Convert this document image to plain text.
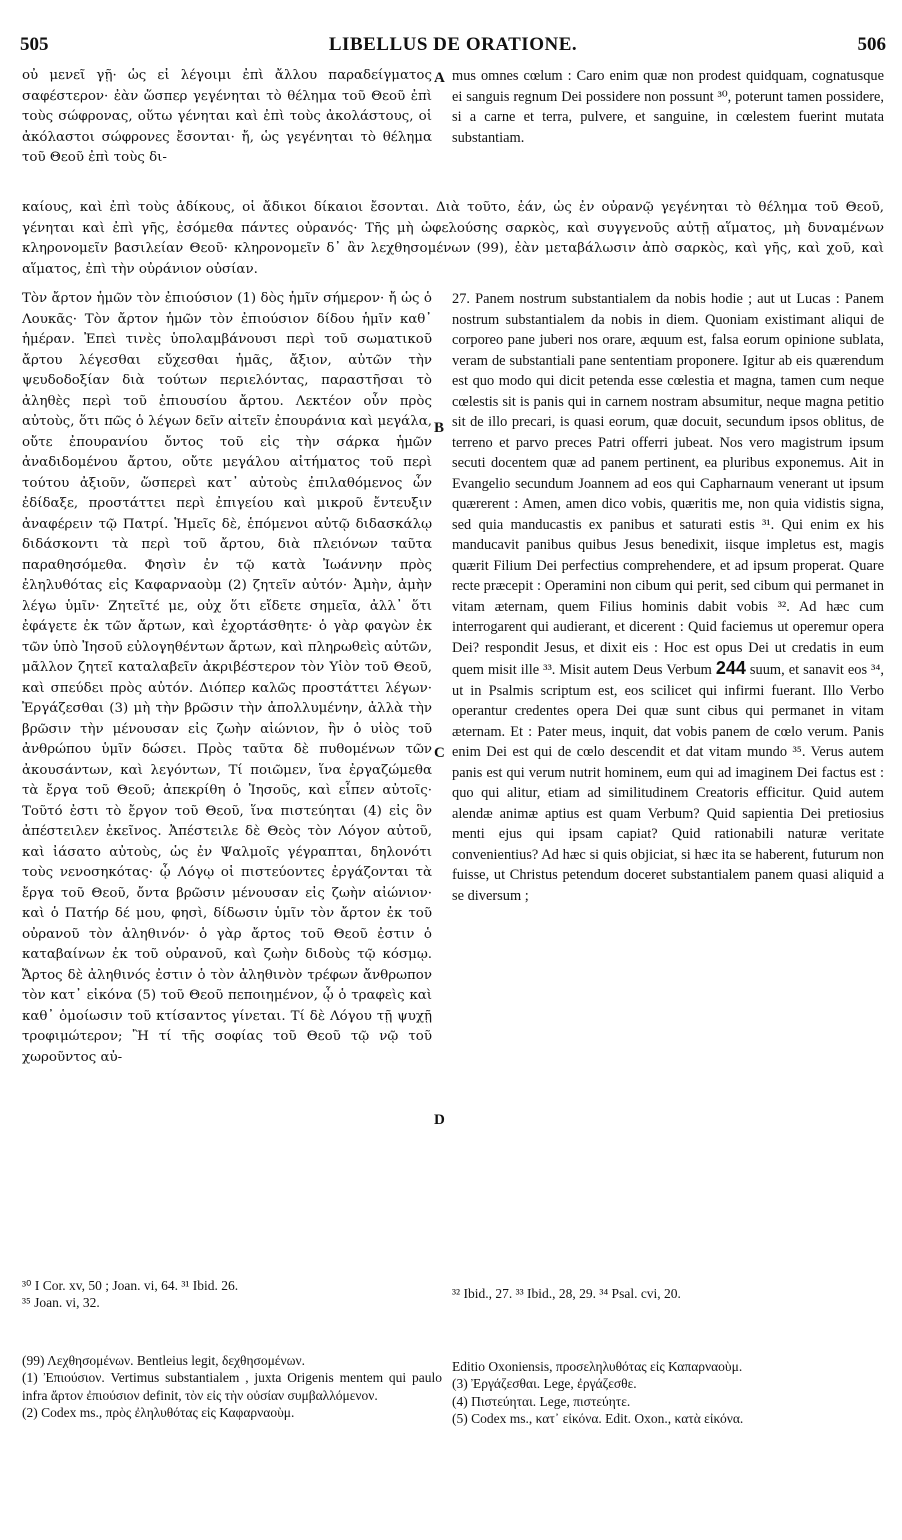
505	LIBELLUS DE ORATIONE.	506

οὐ μενεῖ γῇ· ὡς εἰ λέγοιμι ἐπὶ ἄλλου παραδείγματος σαφέστερον· ἐὰν ὥσπερ γεγένηται τὸ θέλημα τοῦ Θεοῦ ἐπὶ τοὺς σώφρονας, οὕτω γένηται καὶ ἐπὶ τοὺς ἀκολάστους, οἱ ἀκόλαστοι σώφρονες ἔσονται· ἤ, ὡς γεγένηται τὸ θέλημα τοῦ Θεοῦ ἐπὶ τοὺς δι-

mus omnes cœlum : Caro enim quæ non prodest quidquam, cognatusque ei sanguis regnum Dei possidere non possunt ³⁰, poterunt tamen possidere, si a carne et terra, pulvere, et sanguine, in cœlestem fuerint mutata substantiam.

καίους, καὶ ἐπὶ τοὺς ἀδίκους, οἱ ἄδικοι δίκαιοι ἔσονται. Διὰ τοῦτο, ἐάν, ὡς ἐν οὐρανῷ γεγένηται τὸ θέλημα τοῦ Θεοῦ, γένηται καὶ ἐπὶ γῆς, ἐσόμεθα πάντες οὐρανός· Τῆς μὴ ὠφελούσης σαρκὸς, καὶ συγγενοῦς αὐτῇ αἵματος, μὴ δυναμένων κληρονομεῖν βασιλείαν Θεοῦ· κληρονομεῖν δ᾽ ἂν λεχθησομένων (99), ἐὰν μεταβάλωσιν ἀπὸ σαρκὸς, καὶ γῆς, καὶ χοῦ, καὶ αἵματος, ἐπὶ τὴν οὐράνιον οὐσίαν.

Τὸν ἄρτον ἡμῶν τὸν ἐπιούσιον (1) δὸς ἡμῖν σήμερον· ἤ ὡς ὁ Λουκᾶς· Τὸν ἄρτον ἡμῶν τὸν ἐπιούσιον δίδου ἡμῖν καθ᾽ ἡμέραν. Ἐπεὶ τινὲς ὑπολαμβάνουσι περὶ τοῦ σωματικοῦ ἄρτου λέγεσθαι εὔχεσθαι ἡμᾶς, ἄξιον, αὐτῶν τὴν ψευδοδοξίαν διὰ τούτων περιελόντας, παραστῆσαι τὸ ἀληθὲς περὶ τοῦ ἐπιουσίου ἄρτου. Λεκτέον οὖν πρὸς αὐτοὺς, ὅτι πῶς ὁ λέγων δεῖν αἰτεῖν ἐπουράνια καὶ μεγάλα, οὔτε ἐπουρανίου ὄντος τοῦ εἰς τὴν σάρκα ἡμῶν ἀναδιδομένου ἄρτου, οὔτε μεγάλου αἰτήματος τοῦ περὶ τούτου ἀξιοῦν, ὥσπερεὶ κατ᾽ αὐτοὺς ἐπιλαθόμενος ὧν ἐδίδαξε, προστάττει περὶ ἐπιγείου καὶ μικροῦ ἔντευξιν ἀναφέρειν τῷ Πατρί. Ἡμεῖς δὲ, ἑπόμενοι αὐτῷ διδασκάλῳ διδάσκοντι τὰ περὶ τοῦ ἄρτου, διὰ πλειόνων ταῦτα παραθησόμεθα. Φησὶν ἐν τῷ κατὰ Ἰωάννην πρὸς ἐληλυθότας εἰς Καφαρναοὺμ (2) ζητεῖν αὐτόν· Ἀμὴν, ἀμὴν λέγω ὑμῖν· Ζητεῖτέ με, οὐχ ὅτι εἴδετε σημεῖα, ἀλλ᾽ ὅτι ἐφάγετε ἐκ τῶν ἄρτων, καὶ ἐχορτάσθητε· ὁ γὰρ φαγὼν ἐκ τῶν ὑπὸ Ἰησοῦ εὐλογηθέντων ἄρτων, καὶ πληρωθεὶς αὐτῶν, μᾶλλον ζητεῖ καταλαβεῖν ἀκριβέστερον τὸν Υἱὸν τοῦ Θεοῦ, καὶ σπεύδει πρὸς αὐτόν. Διόπερ καλῶς προστάττει λέγων· Ἐργάζεσθαι (3) μὴ τὴν βρῶσιν τὴν ἀπολλυμένην, ἀλλὰ τὴν βρῶσιν τὴν μένουσαν εἰς ζωὴν αἰώνιον, ἣν ὁ υἱὸς τοῦ ἀνθρώπου ὑμῖν δώσει. Πρὸς ταῦτα δὲ πυθομένων τῶν ἀκουσάντων, καὶ λεγόντων, Τί ποιῶμεν, ἵνα ἐργαζώμεθα τὰ ἔργα τοῦ Θεοῦ; ἀπεκρίθη ὁ Ἰησοῦς, καὶ εἶπεν αὐτοῖς· Τοῦτό ἐστι τὸ ἔργον τοῦ Θεοῦ, ἵνα πιστεύηται (4) εἰς ὃν ἀπέστειλεν ἐκεῖνος. Ἀπέστειλε δὲ Θεὸς τὸν Λόγον αὐτοῦ, καὶ ἰάσατο αὐτοὺς, ὡς ἐν Ψαλμοῖς γέγραπται, δηλονότι τοὺς νενοσηκότας· ᾧ Λόγῳ οἱ πιστεύοντες ἐργάζονται τὰ ἔργα τοῦ Θεοῦ, ὄντα βρῶσιν μένουσαν εἰς ζωὴν αἰώνιον· καὶ ὁ Πατήρ δέ μου, φησὶ, δίδωσιν ὑμῖν τὸν ἄρτον ἐκ τοῦ οὐρανοῦ τὸν ἀληθινόν· ὁ γὰρ ἄρτος τοῦ Θεοῦ ἐστιν ὁ καταβαίνων ἐκ τοῦ οὐρανοῦ, καὶ ζωὴν διδοὺς τῷ κόσμῳ. Ἄρτος δὲ ἀληθινός ἐστιν ὁ τὸν ἀληθινὸν τρέφων ἄνθρωπον τὸν κατ᾽ εἰκόνα (5) τοῦ Θεοῦ πεποιημένον, ᾧ ὁ τραφεὶς καὶ καθ᾽ ὁμοίωσιν τοῦ κτίσαντος γίνεται. Τί δὲ Λόγου τῇ ψυχῇ τροφιμώτερον; Ἢ τί τῆς σοφίας τοῦ Θεοῦ τῷ νῷ τοῦ χωροῦντος αὐ-

27. Panem nostrum substantialem da nobis hodie ; aut ut Lucas : Panem nostrum substantialem da nobis in diem. Quoniam existimant aliqui de corporeo pane juberi nos orare, æquum est, falsa eorum opinione sublata, veram de substantiali pane sententiam proponere. Igitur ab eis quærendum est quo modo qui dicit petenda esse cœlestia et magna, tamen cum neque cœlestis sit is panis qui in carnem nostram absumitur, neque magna petitio sit de illo precari, is quasi eorum, quæ docuit, secundum ipsos oblitus, de terreno et parvo preces Patri offerri jubeat. Nos vero magistrum ipsum secuti docentem quæ ad panem pertinent, ea pluribus exponemus. Ait in Evangelio secundum Joannem ad eos qui Capharnaum venerant ut ipsum quærerent : Amen, amen dico vobis, quæritis me, non quia vidistis signa, sed quia manducastis ex panibus et saturati estis ³¹. Qui enim ex his manducavit panibus quibus Jesus benedixit, iisque impletus est, magis quærit Filium Dei perfectius comprehendere, et ad ipsum properat. Quare recte præcepit : Operamini non cibum qui perit, sed cibum qui permanet in vitam æternam, quem Filius hominis dabit vobis ³². Ad hæc cum interrogarent qui audierant, et dicerent : Quid faciemus ut operemur opera Dei? respondit Jesus, et dixit eis : Hoc est opus Dei ut credatis in eum quem misit ille ³³. Misit autem Deus Verbum 244 suum, et sanavit eos ³⁴, ut in Psalmis scriptum est, eos scilicet qui infirmi fuerant. Illo Verbo operantur credentes opera Dei quæ sunt cibus qui permanet in vitam æternam. Et : Pater meus, inquit, dat vobis panem de cœlo verum. Panis enim Dei est qui de cœlo descendit et dat vitam mundo ³⁵. Verus autem panis est qui verum nutrit hominem, eum qui ad imaginem Dei factus est : quo qui alitur, etiam ad similitudinem Creatoris efficitur. Quid autem alendæ animæ aptius est quam Verbum? Quid sapientia Dei pretiosius menti ejus qui ipsam capiat? Quid rationabili naturæ veritate convenientius? Ad hæc si quis objiciat, si hæc ita se haberent, futurum non fuisse, ut Christus petendum doceret substantialem panem quasi aliquid a se diversum ;

A
B
C
D

³⁰ I Cor. xv, 50 ; Joan. vi, 64. ³¹ Ibid. 26.

³⁵ Joan. vi, 32.

³² Ibid., 27. ³³ Ibid., 28, 29. ³⁴ Psal. cvi, 20.

(99) Λεχθησομένων. Bentleius legit, δεχθησομένων.

(1) Ἐπιούσιον. Vertimus substantialem , juxta Origenis mentem qui paulo infra ἄρτον ἐπιούσιον definit, τὸν εἰς τὴν οὐσίαν συμβαλλόμενον.

(2) Codex ms., πρὸς ἐληλυθότας εἰς Καφαρναοὺμ.

Editio Oxoniensis, προσεληλυθότας εἰς Καπαρναοὺμ.

(3) Ἐργάζεσθαι. Lege, ἐργάζεσθε.

(4) Πιστεύηται. Lege, πιστεύητε.

(5) Codex ms., κατ᾽ εἰκόνα. Edit. Oxon., κατὰ εἰκόνα.
